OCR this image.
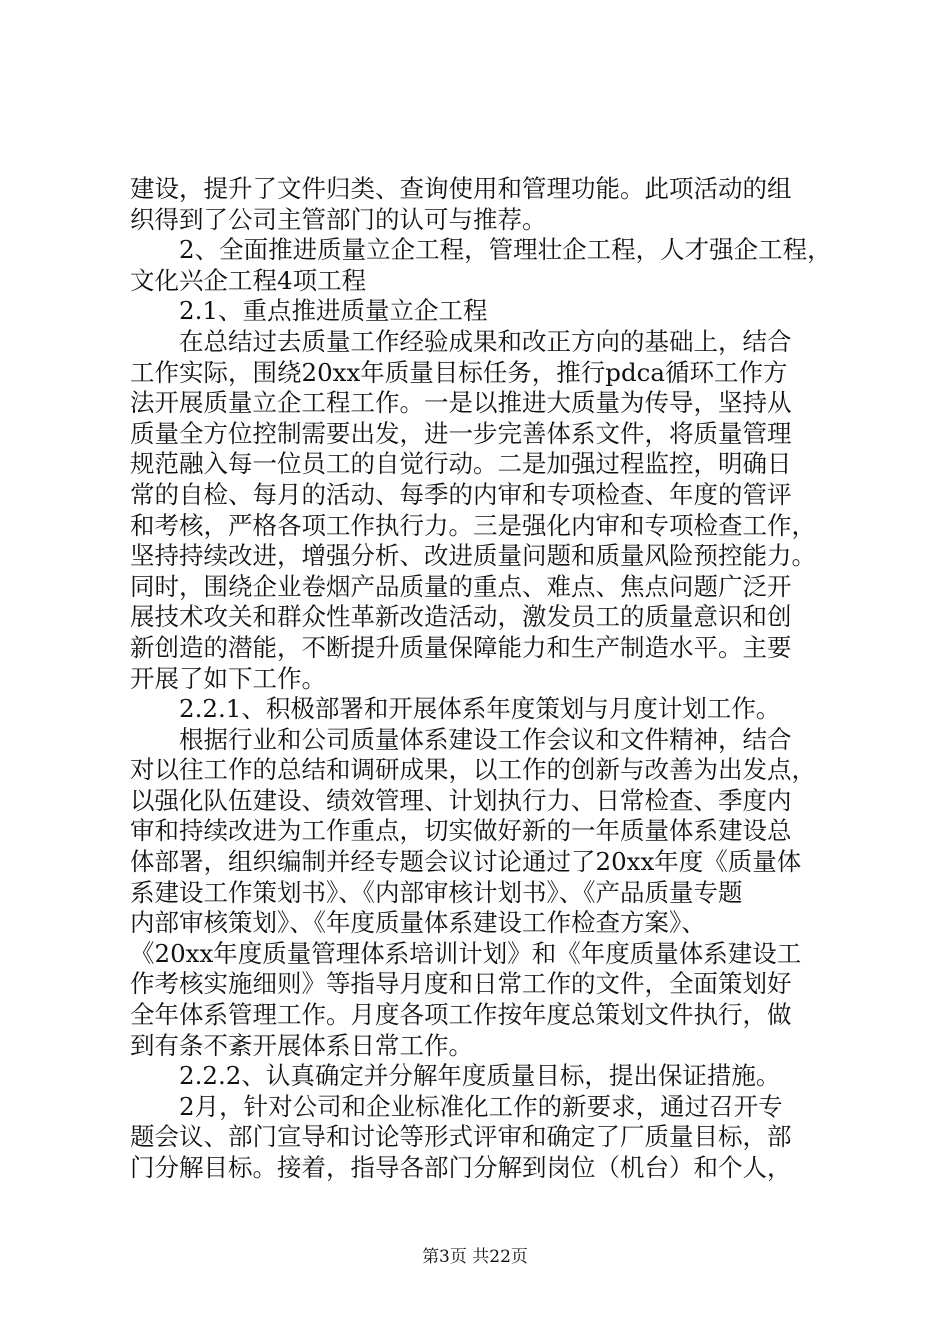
建设，提升了文件归类、查询使用和管理功能。此项活动的组
织得到了公司主管部门的认可与推荐。
2、全面推进质量立企工程，管理壮企工程，人才强企工程，
文化兴企工程4项工程
2.1、重点推进质量立企工程
在总结过去质量工作经验成果和改正方向的基础上，结合
工作实际，围绕20xx年质量目标任务，推行pdca循环工作方
法开展质量立企工程工作。一是以推进大质量为传导，坚持从
质量全方位控制需要出发，进一步完善体系文件，将质量管理
规范融入每一位员工的自觉行动。二是加强过程监控，明确日
常的自检、每月的活动、每季的内审和专项检查、年度的管评
和考核，严格各项工作执行力。三是强化内审和专项检查工作，
坚持持续改进，增强分析、改进质量问题和质量风险预控能力。
同时，围绕企业卷烟产品质量的重点、难点、焦点问题广泛开
展技术攻关和群众性革新改造活动，激发员工的质量意识和创
新创造的潜能，不断提升质量保障能力和生产制造水平。主要
开展了如下工作。
2.2.1、积极部署和开展体系年度策划与月度计划工作。
根据行业和公司质量体系建设工作会议和文件精神，结合
对以往工作的总结和调研成果，以工作的创新与改善为出发点，
以强化队伍建设、绩效管理、计划执行力、日常检查、季度内
审和持续改进为工作重点，切实做好新的一年质量体系建设总
体部署，组织编制并经专题会议讨论通过了20xx年度《质量体
系建设工作策划书》、《内部审核计划书》、《产品质量专题
内部审核策划》、《年度质量体系建设工作检查方案》、
《20xx年度质量管理体系培训计划》和《年度质量体系建设工
作考核实施细则》等指导月度和日常工作的文件，全面策划好
全年体系管理工作。月度各项工作按年度总策划文件执行，做
到有条不紊开展体系日常工作。
2.2.2、认真确定并分解年度质量目标，提出保证措施。
2月，针对公司和企业标准化工作的新要求，通过召开专
题会议、部门宣导和讨论等形式评审和确定了厂质量目标，部
门分解目标。接着，指导各部门分解到岗位（机台）和个人，
第3页 共22页
